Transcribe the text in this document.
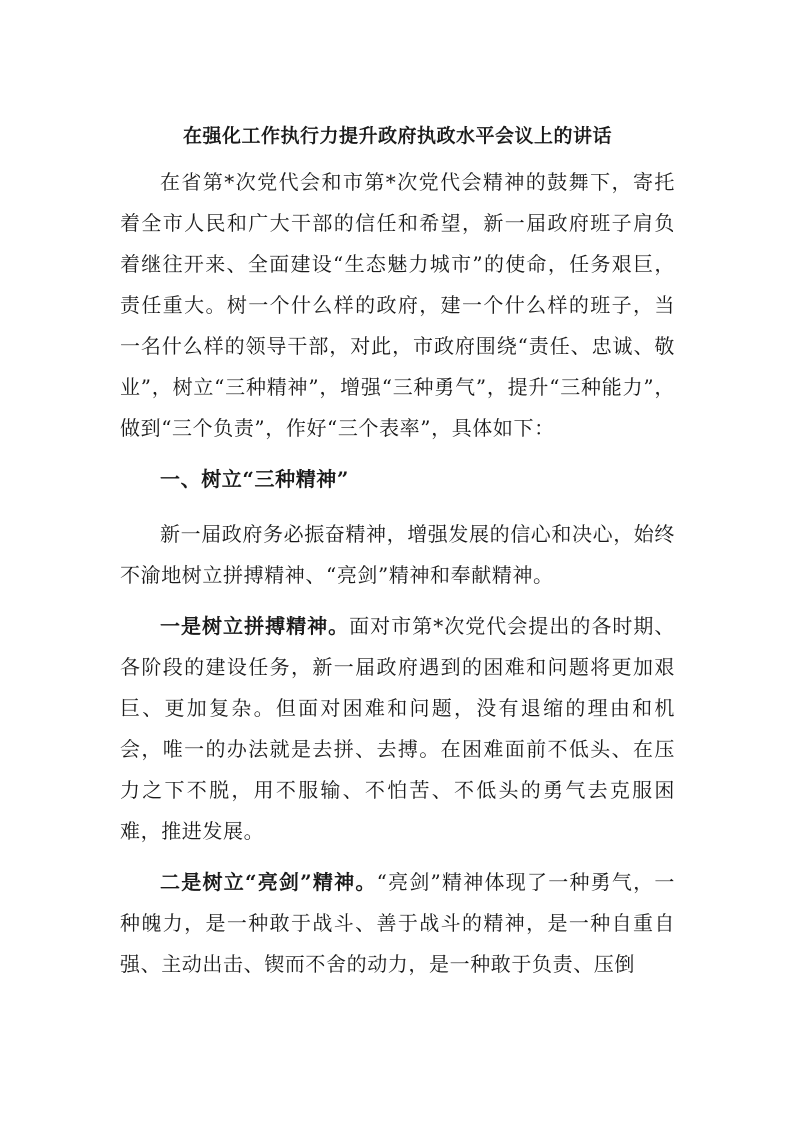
在强化工作执行力提升政府执政水平会议上的讲话

在省第*次党代会和市第*次党代会精神的鼓舞下，寄托着全市人民和广大干部的信任和希望，新一届政府班子肩负着继往开来、全面建设“生态魅力城市”的使命，任务艰巨，责任重大。树一个什么样的政府，建一个什么样的班子，当一名什么样的领导干部，对此，市政府围绕“责任、忠诚、敬业”，树立“三种精神”，增强“三种勇气”，提升“三种能力”，做到“三个负责”，作好“三个表率”，具体如下：

一、树立“三种精神”

新一届政府务必振奋精神，增强发展的信心和决心，始终不渝地树立拼搏精神、“亮剑”精神和奉献精神。

一是树立拼搏精神。面对市第*次党代会提出的各时期、各阶段的建设任务，新一届政府遇到的困难和问题将更加艰巨、更加复杂。但面对困难和问题，没有退缩的理由和机会，唯一的办法就是去拼、去搏。在困难面前不低头、在压力之下不脱，用不服输、不怕苦、不低头的勇气去克服困难，推进发展。

二是树立“亮剑”精神。“亮剑”精神体现了一种勇气，一种魄力，是一种敢于战斗、善于战斗的精神，是一种自重自强、主动出击、锲而不舍的动力，是一种敢于负责、压倒
